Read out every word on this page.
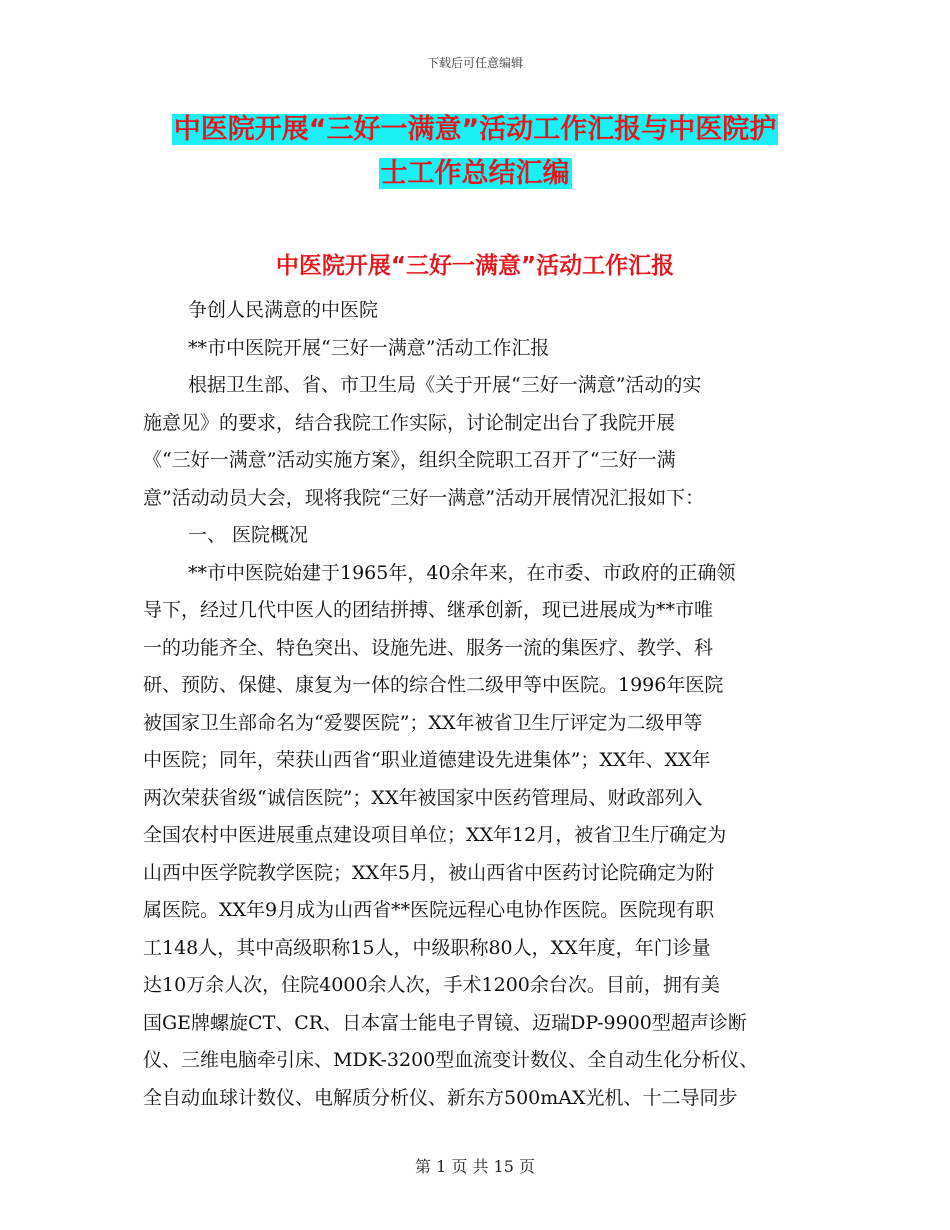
下载后可任意编辑
中医院开展“三好一满意”活动工作汇报与中医院护
士工作总结汇编
中医院开展“三好一满意”活动工作汇报
争创人民满意的中医院
**市中医院开展“三好一满意”活动工作汇报
根据卫生部、省、市卫生局《关于开展“三好一满意”活动的实
施意见》的要求，结合我院工作实际，讨论制定出台了我院开展
《“三好一满意”活动实施方案》，组织全院职工召开了“三好一满
意”活动动员大会，现将我院“三好一满意”活动开展情况汇报如下：
一、 医院概况
**市中医院始建于1965年，40余年来，在市委、市政府的正确领
导下，经过几代中医人的团结拼搏、继承创新，现已进展成为**市唯
一的功能齐全、特色突出、设施先进、服务一流的集医疗、教学、科
研、预防、保健、康复为一体的综合性二级甲等中医院。1996年医院
被国家卫生部命名为“爱婴医院”；XX年被省卫生厅评定为二级甲等
中医院；同年，荣获山西省“职业道德建设先进集体”；XX年、XX年
两次荣获省级“诚信医院”；XX年被国家中医药管理局、财政部列入
全国农村中医进展重点建设项目单位；XX年12月，被省卫生厅确定为
山西中医学院教学医院；XX年5月，被山西省中医药讨论院确定为附
属医院。XX年9月成为山西省**医院远程心电协作医院。医院现有职
工148人，其中高级职称15人，中级职称80人，XX年度，年门诊量
达10万余人次，住院4000余人次，手术1200余台次。目前，拥有美
国GE牌螺旋CT、CR、日本富士能电子胃镜、迈瑞DP-9900型超声诊断
仪、三维电脑牵引床、MDK-3200型血流变计数仪、全自动生化分析仪、
全自动血球计数仪、电解质分析仪、新东方500mAX光机、十二导同步
第 1 页 共 15 页
